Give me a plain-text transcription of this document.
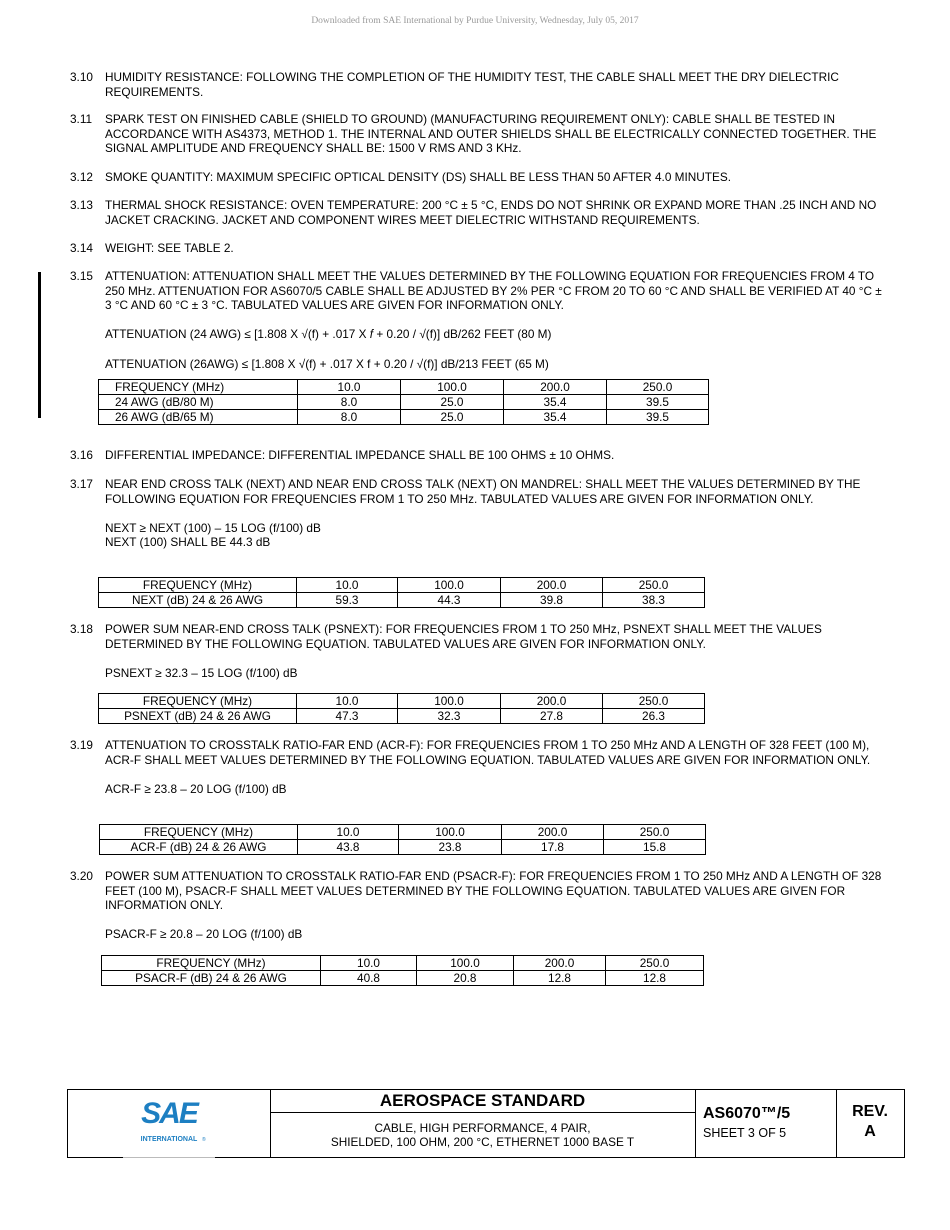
Downloaded from SAE International by Purdue University, Wednesday, July 05, 2017
3.10 HUMIDITY RESISTANCE: FOLLOWING THE COMPLETION OF THE HUMIDITY TEST, THE CABLE SHALL MEET THE DRY DIELECTRIC REQUIREMENTS.
3.11 SPARK TEST ON FINISHED CABLE (SHIELD TO GROUND) (MANUFACTURING REQUIREMENT ONLY): CABLE SHALL BE TESTED IN ACCORDANCE WITH AS4373, METHOD 1. THE INTERNAL AND OUTER SHIELDS SHALL BE ELECTRICALLY CONNECTED TOGETHER. THE SIGNAL AMPLITUDE AND FREQUENCY SHALL BE: 1500 V RMS AND 3 KHz.
3.12 SMOKE QUANTITY: MAXIMUM SPECIFIC OPTICAL DENSITY (DS) SHALL BE LESS THAN 50 AFTER 4.0 MINUTES.
3.13 THERMAL SHOCK RESISTANCE: OVEN TEMPERATURE: 200 °C ± 5 °C, ENDS DO NOT SHRINK OR EXPAND MORE THAN .25 INCH AND NO JACKET CRACKING. JACKET AND COMPONENT WIRES MEET DIELECTRIC WITHSTAND REQUIREMENTS.
3.14 WEIGHT: SEE TABLE 2.
3.15 ATTENUATION: ATTENUATION SHALL MEET THE VALUES DETERMINED BY THE FOLLOWING EQUATION FOR FREQUENCIES FROM 4 TO 250 MHz. ATTENUATION FOR AS6070/5 CABLE SHALL BE ADJUSTED BY 2% PER °C FROM 20 TO 60 °C AND SHALL BE VERIFIED AT 40 °C ± 3 °C AND 60 °C ± 3 °C. TABULATED VALUES ARE GIVEN FOR INFORMATION ONLY.
ATTENUATION (24 AWG) ≤ [1.808 X √(f) + .017 X f + 0.20 / √(f)] dB/262 FEET (80 M)
ATTENUATION (26AWG) ≤ [1.808 X √(f) + .017 X f + 0.20 / √(f)] dB/213 FEET (65 M)
FREQUENCY (MHz)	10.0	100.0	200.0	250.0
24 AWG (dB/80 M)	8.0	25.0	35.4	39.5
26 AWG (dB/65 M)	8.0	25.0	35.4	39.5
3.16 DIFFERENTIAL IMPEDANCE: DIFFERENTIAL IMPEDANCE SHALL BE 100 OHMS ± 10 OHMS.
3.17 NEAR END CROSS TALK (NEXT) AND NEAR END CROSS TALK (NEXT) ON MANDREL: SHALL MEET THE VALUES DETERMINED BY THE FOLLOWING EQUATION FOR FREQUENCIES FROM 1 TO 250 MHz. TABULATED VALUES ARE GIVEN FOR INFORMATION ONLY.
NEXT ≥ NEXT (100) – 15 LOG (f/100) dB
NEXT (100) SHALL BE 44.3 dB
FREQUENCY (MHz)	10.0	100.0	200.0	250.0
NEXT (dB) 24 & 26 AWG	59.3	44.3	39.8	38.3
3.18 POWER SUM NEAR-END CROSS TALK (PSNEXT): FOR FREQUENCIES FROM 1 TO 250 MHz, PSNEXT SHALL MEET THE VALUES DETERMINED BY THE FOLLOWING EQUATION. TABULATED VALUES ARE GIVEN FOR INFORMATION ONLY.
PSNEXT ≥ 32.3 – 15 LOG (f/100) dB
FREQUENCY (MHz)	10.0	100.0	200.0	250.0
PSNEXT (dB) 24 & 26 AWG	47.3	32.3	27.8	26.3
3.19 ATTENUATION TO CROSSTALK RATIO-FAR END (ACR-F): FOR FREQUENCIES FROM 1 TO 250 MHz AND A LENGTH OF 328 FEET (100 M), ACR-F SHALL MEET VALUES DETERMINED BY THE FOLLOWING EQUATION. TABULATED VALUES ARE GIVEN FOR INFORMATION ONLY.
ACR-F ≥ 23.8 – 20 LOG (f/100) dB
FREQUENCY (MHz)	10.0	100.0	200.0	250.0
ACR-F (dB) 24 & 26 AWG	43.8	23.8	17.8	15.8
3.20 POWER SUM ATTENUATION TO CROSSTALK RATIO-FAR END (PSACR-F): FOR FREQUENCIES FROM 1 TO 250 MHz AND A LENGTH OF 328 FEET (100 M), PSACR-F SHALL MEET VALUES DETERMINED BY THE FOLLOWING EQUATION. TABULATED VALUES ARE GIVEN FOR INFORMATION ONLY.
PSACR-F ≥ 20.8 – 20 LOG (f/100) dB
FREQUENCY (MHz)	10.0	100.0	200.0	250.0
PSACR-F (dB) 24 & 26 AWG	40.8	20.8	12.8	12.8
SAE
INTERNATIONAL ®
AEROSPACE STANDARD
CABLE, HIGH PERFORMANCE, 4 PAIR,
SHIELDED, 100 OHM, 200 °C, ETHERNET 1000 BASE T
AS6070™/5
SHEET 3 OF 5
REV.
A
